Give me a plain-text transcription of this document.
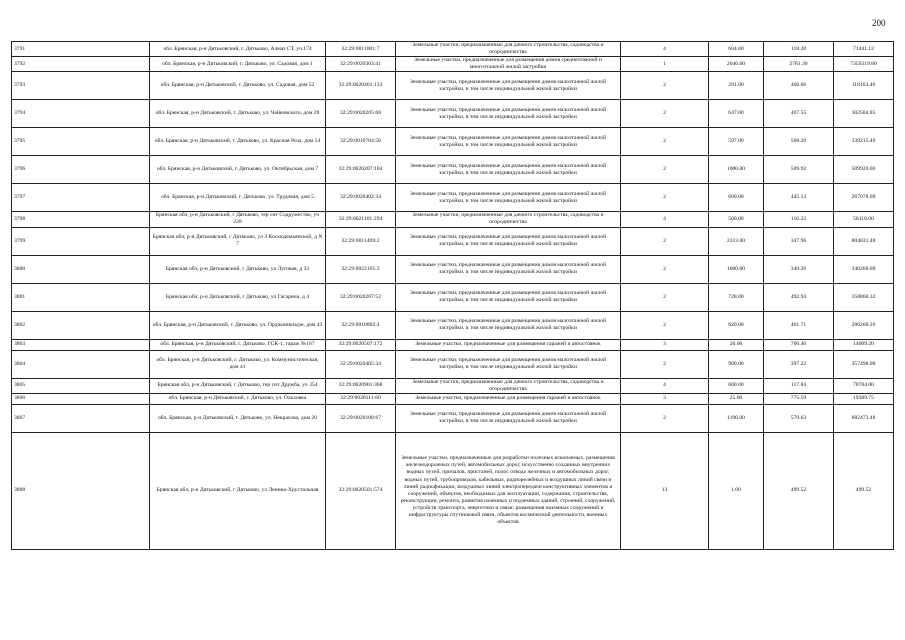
200
3791	обл. Брянская, р-н Дятьковский, г. Дятьково, Алмаз СТ, уч.174	32:29:0011001:7	Земельные участки, предназначенные для дачного строительства, садоводства и огородничества	4	604.00	118.28	71441.12
3792	обл. Брянская, р-н Дятьковский, г. Дятьково, ул. Садовая, дом 1	32:29:0020303:41	Земельные участки, предназначенные для размещения домов среднеэтажной и многоэтажной жилой застройки	1	2646.00	2781.30	7359319.80
3793	обл. Брянская, р-н Дятьковский, г. Дятьково, ул. Садовая, дом 52	32:29:0020401:133	Земельные участки, предназначенные для размещения домов малоэтажной жилой застройки, в том числе индивидуальной жилой застройки	2	291.00	406.06	118163.46
3794	обл. Брянская, р-н Дятьковский, г. Дятьково, ул. Чайковского, дом 28	32:29:0020205:68	Земельные участки, предназначенные для размещения домов малоэтажной жилой застройки, в том числе индивидуальной жилой застройки	2	647.00	467.55	302504.85
3795	обл. Брянская, р-н Дятьковский, г. Дятьково, ул. Красная Роза, дом 54	32:29:0010704:56	Земельные участки, предназначенные для размещения домов малоэтажной жилой застройки, в том числе индивидуальной жилой застройки	2	597.00	568.20	339215.40
3796	обл. Брянская, р-н Дятьковский, г. Дятьково, ул. Октябрьская, дом 7	32:29:0020207:104	Земельные участки, предназначенные для размещения домов малоэтажной жилой застройки, в том числе индивидуальной жилой застройки	2	1000.00	509.92	509920.00
3797	обл. Брянская, р-н Дятьковский, г. Дятьково, ул. Трудовая, дом 5	32:29:0020402:34	Земельные участки, предназначенные для размещения домов малоэтажной жилой застройки, в том числе индивидуальной жилой застройки	2	600.00	445.13	267078.00
3798	Брянская обл, р-н Дятьковский, г Дятьково, тер снт Содружество, уч 228	32:29:0021101:294	Земельные участки, предназначенные для дачного строительства, садоводства и огородничества	4	500.00	116.22	58110.00
3799	Брянская обл, р-н Дятьковский, г Дятьково, ул 3 Космодемьянской, д N 7	32:29:0011409:2	Земельные участки, предназначенные для размещения домов малоэтажной жилой застройки, в том числе индивидуальной жилой застройки	2	2313.00	347.96	804831.48
3800	Брянская обл, р-н Дятьковский, г Дятьково, ул Луговая, д 33	32:29:0022105:3	Земельные участки, предназначенные для размещения домов малоэтажной жилой застройки, в том числе индивидуальной жилой застройки	2	1000.00	340.26	340260.00
3801	Брянская обл, р-н Дятьковский, г Дятьково, ул Гагарина, д 4	32:29:0020207:52	Земельные участки, предназначенные для размещения домов малоэтажной жилой застройки, в том числе индивидуальной жилой застройки	2	728.00	492.94	358860.32
3802	обл. Брянская, р-н Дятьковский, г. Дятьково, ул. Орджоникидзе, дом 43	32:29:0010802:4	Земельные участки, предназначенные для размещения домов малоэтажной жилой застройки, в том числе индивидуальной жилой застройки	2	620.00	461.71	286260.20
3803	обл. Брянская, р-н Дятьковский, г. Дятьково, ГСК-1, гараж №167	32:29:0020507:172	Земельные участки, предназначенные для размещения гаражей и автостоянок	3	20.00	700.46	14009.20
3804	обл. Брянская, р-н Дятьковский, г. Дятьково, ул. Коммунистическая, дом 41	32:29:0020405:34	Земельные участки, предназначенные для размещения домов малоэтажной жилой застройки, в том числе индивидуальной жилой застройки	2	900.00	397.22	357498.00
3805	Брянская обл, р-н Дятьковский, г Дятьково, тер снт Дружба, уч 354	32:29:0020901:368	Земельные участки, предназначенные для дачного строительства, садоводства и огородничества	4	600.00	117.84	70704.00
3806	обл. Брянская, р-н Дятьковский, г. Дятьково, ул. Ольховка	32:29:0020111:60	Земельные участки, предназначенные для размещения гаражей и автостоянок	3	25.00	775.59	19389.75
3807	обл. Брянская, р-н Дятьковский, г. Дятьково, ул. Некрасова, дом 20	32:29:0020108:67	Земельные участки, предназначенные для размещения домов малоэтажной жилой застройки, в том числе индивидуальной жилой застройки	2	1196.00	570.63	682473.48
3808	Брянская обл, р-н Дятьковский, г Дятьково, ул Ленина-Хрустальная	32:29:0020501:574	Земельные участки, предназначенные для разработки полезных ископаемых, размещения железнодорожных путей, автомобильных дорог, искусственно созданных внутренних водных путей, причалов, пристаней, полос отвода железных и автомобильных дорог, водных путей, трубопроводов, кабельных, радиорелейных и воздушных линий связи и линий радиофикации, воздушных линий электропередачи конструктивных элементов и сооружений, объектов, необходимых для эксплуатации, содержания, строительства, реконструкции, ремонта, развития наземных и подземных зданий, строений, сооружений, устройств транспорта, энергетики и связи; размещения наземных сооружений и инфраструктуры спутниковой связи, объектов космической деятельности, военных объектов	13	1.00	499.52	499.52
